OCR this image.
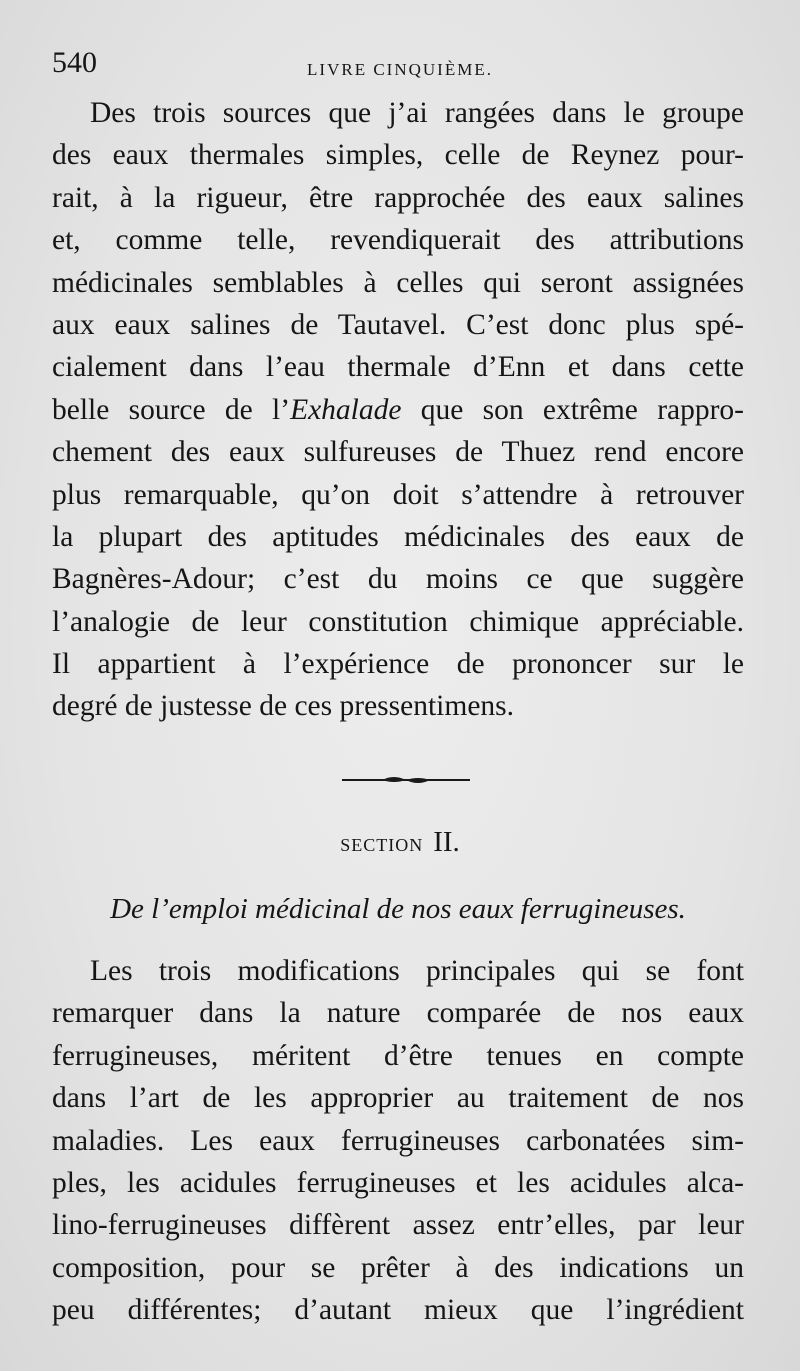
540	LIVRE CINQUIÈME.
Des trois sources que j’ai rangées dans le groupe
des eaux thermales simples, celle de Reynez pour-
rait, à la rigueur, être rapprochée des eaux salines
et, comme telle, revendiquerait des attributions
médicinales semblables à celles qui seront assignées
aux eaux salines de Tautavel. C’est donc plus spé-
cialement dans l’eau thermale d’Enn et dans cette
belle source de l’Exhalade que son extrême rappro-
chement des eaux sulfureuses de Thuez rend encore
plus remarquable, qu’on doit s’attendre à retrouver
la plupart des aptitudes médicinales des eaux de
Bagnères-Adour; c’est du moins ce que suggère
l’analogie de leur constitution chimique appréciable.
Il appartient à l’expérience de prononcer sur le
degré de justesse de ces pressentimens.
SECTION II.
De l’emploi médicinal de nos eaux ferrugineuses.
Les trois modifications principales qui se font
remarquer dans la nature comparée de nos eaux
ferrugineuses, méritent d’être tenues en compte
dans l’art de les approprier au traitement de nos
maladies. Les eaux ferrugineuses carbonatées sim-
ples, les acidules ferrugineuses et les acidules alca-
lino-ferrugineuses diffèrent assez entr’elles, par leur
composition, pour se prêter à des indications un
peu différentes; d’autant mieux que l’ingrédient
